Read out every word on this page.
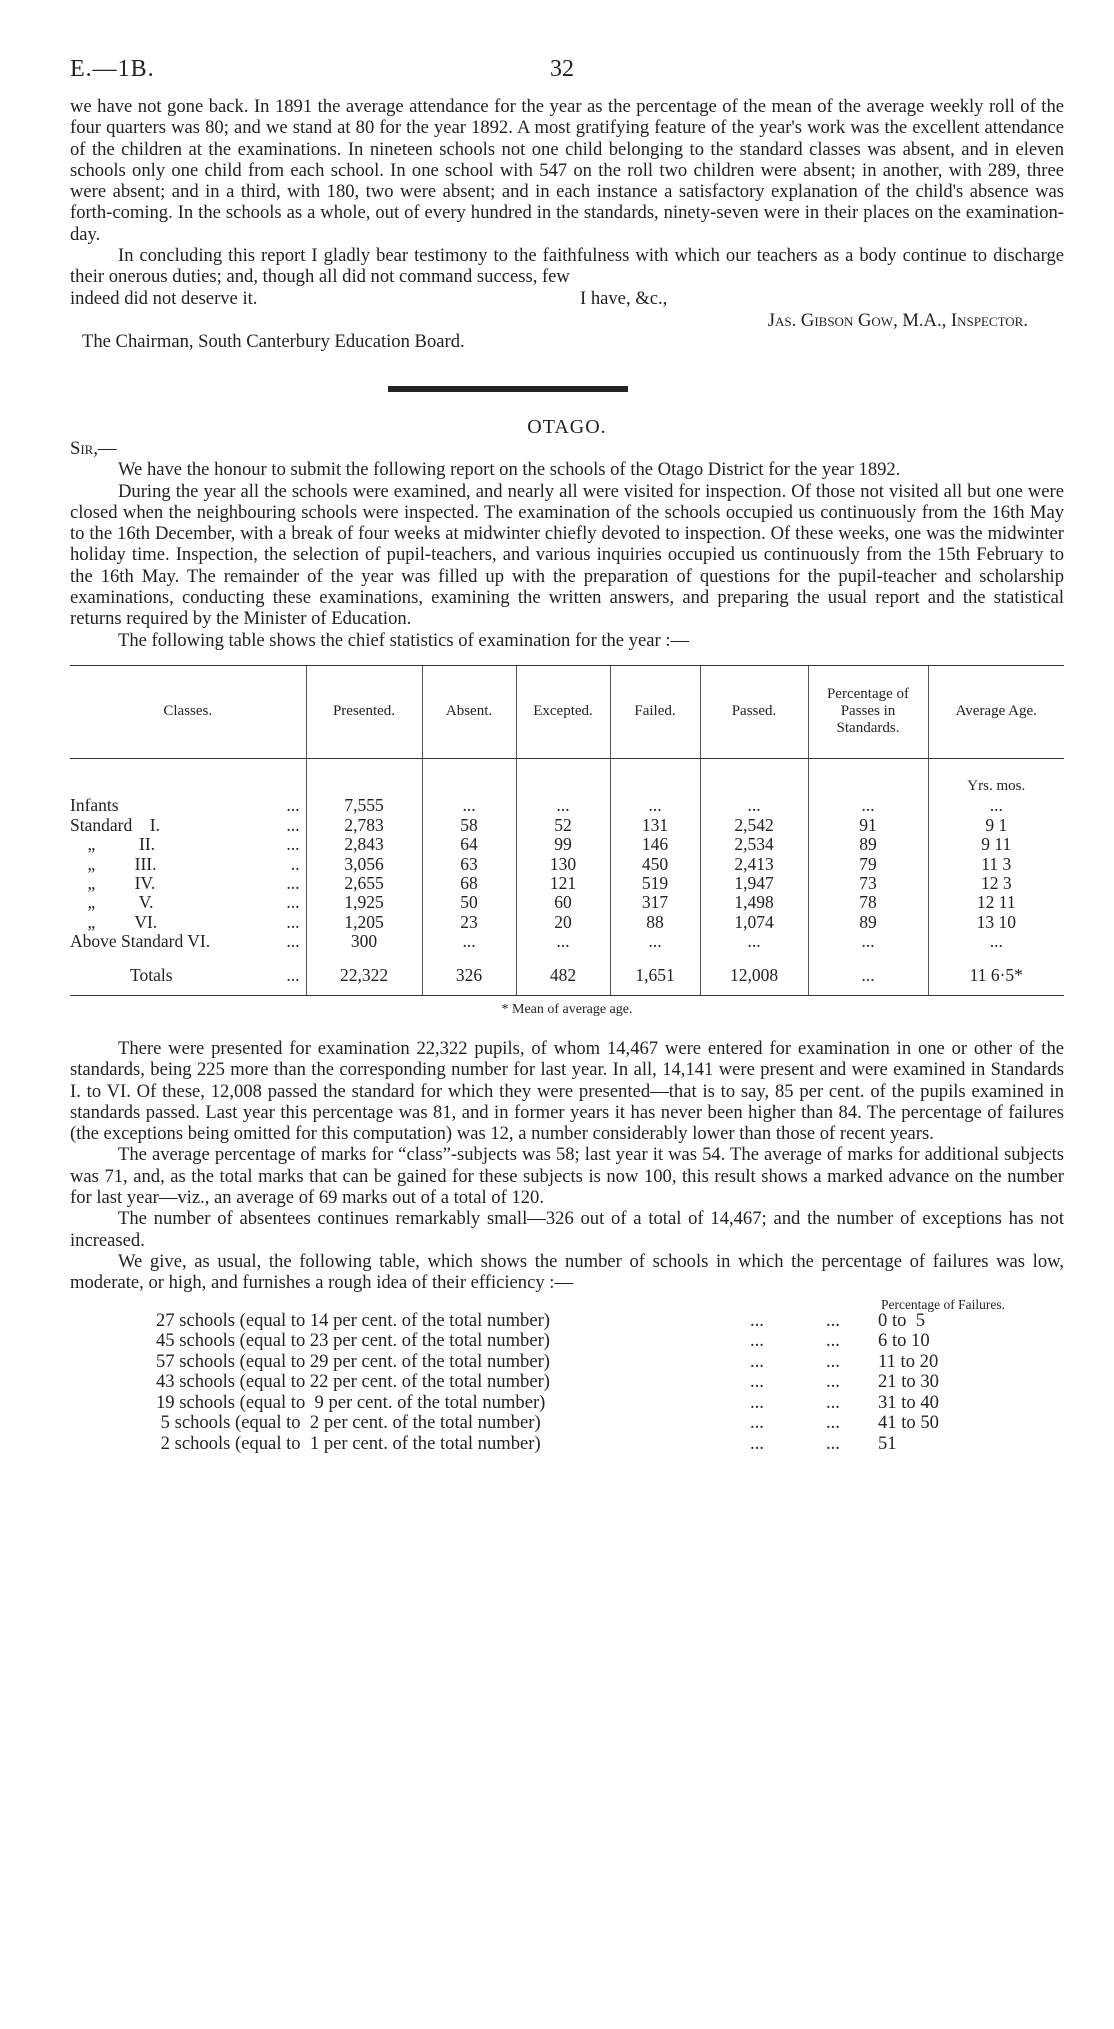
E.—1B.	32

we have not gone back. In 1891 the average attendance for the year as the percentage of the mean of the average weekly roll of the four quarters was 80; and we stand at 80 for the year 1892. A most gratifying feature of the year's work was the excellent attendance of the children at the examinations. In nineteen schools not one child belonging to the standard classes was absent, and in eleven schools only one child from each school. In one school with 547 on the roll two children were absent; in another, with 289, three were absent; and in a third, with 180, two were absent; and in each instance a satisfactory explanation of the child's absence was forth-coming. In the schools as a whole, out of every hundred in the standards, ninety-seven were in their places on the examination-day.

In concluding this report I gladly bear testimony to the faithfulness with which our teachers as a body continue to discharge their onerous duties; and, though all did not command success, few

indeed did not deserve it.	I have, &c.,
Jas. Gibson Gow, M.A., Inspector.
The Chairman, South Canterbury Education Board.
OTAGO.
Sir,—

We have the honour to submit the following report on the schools of the Otago District for the year 1892.

During the year all the schools were examined, and nearly all were visited for inspection. Of those not visited all but one were closed when the neighbouring schools were inspected. The examination of the schools occupied us continuously from the 16th May to the 16th December, with a break of four weeks at midwinter chiefly devoted to inspection. Of these weeks, one was the midwinter holiday time. Inspection, the selection of pupil-teachers, and various inquiries occupied us continuously from the 15th February to the 16th May. The remainder of the year was filled up with the preparation of questions for the pupil-teacher and scholarship examinations, conducting these examinations, examining the written answers, and preparing the usual report and the statistical returns required by the Minister of Education.

The following table shows the chief statistics of examination for the year :—

Classes.		Presented.	Absent.	Excepted.	Failed.	Passed.	Percentage of Passes in Standards.	Average Age.
								Yrs. mos.
Infants	...	7,555	...	...	...	...	...	...
Standard    I.	...	2,783	58	52	131	2,542	91	9 1
„          II.	...	2,843	64	99	146	2,534	89	9 11
„         III.	..	3,056	63	130	450	2,413	79	11 3
„         IV.	...	2,655	68	121	519	1,947	73	12 3
„          V.	...	1,925	50	60	317	1,498	78	12 11
„         VI.	...	1,205	23	20	88	1,074	89	13 10
Above Standard VI.	...	300	...	...	...	...	...	...
Totals	...	22,322	326	482	1,651	12,008	...	11 6·5*
* Mean of average age.

There were presented for examination 22,322 pupils, of whom 14,467 were entered for examination in one or other of the standards, being 225 more than the corresponding number for last year. In all, 14,141 were present and were examined in Standards I. to VI. Of these, 12,008 passed the standard for which they were presented—that is to say, 85 per cent. of the pupils examined in standards passed. Last year this percentage was 81, and in former years it has never been higher than 84. The percentage of failures (the exceptions being omitted for this computation) was 12, a number considerably lower than those of recent years.

The average percentage of marks for “class”-subjects was 58; last year it was 54. The average of marks for additional subjects was 71, and, as the total marks that can be gained for these subjects is now 100, this result shows a marked advance on the number for last year—viz., an average of 69 marks out of a total of 120.

The number of absentees continues remarkably small—326 out of a total of 14,467; and the number of exceptions has not increased.

We give, as usual, the following table, which shows the number of schools in which the percentage of failures was low, moderate, or high, and furnishes a rough idea of their efficiency :—

Percentage of Failures.
27 schools (equal to 14 per cent. of the total number)	...	... 0 to  5
45 schools (equal to 23 per cent. of the total number)	...	... 6 to 10
57 schools (equal to 29 per cent. of the total number)	...	... 11 to 20
43 schools (equal to 22 per cent. of the total number)	...	... 21 to 30
19 schools (equal to  9 per cent. of the total number)	...	... 31 to 40
5 schools (equal to  2 per cent. of the total number)	...	... 41 to 50
2 schools (equal to  1 per cent. of the total number)	...	... 51
